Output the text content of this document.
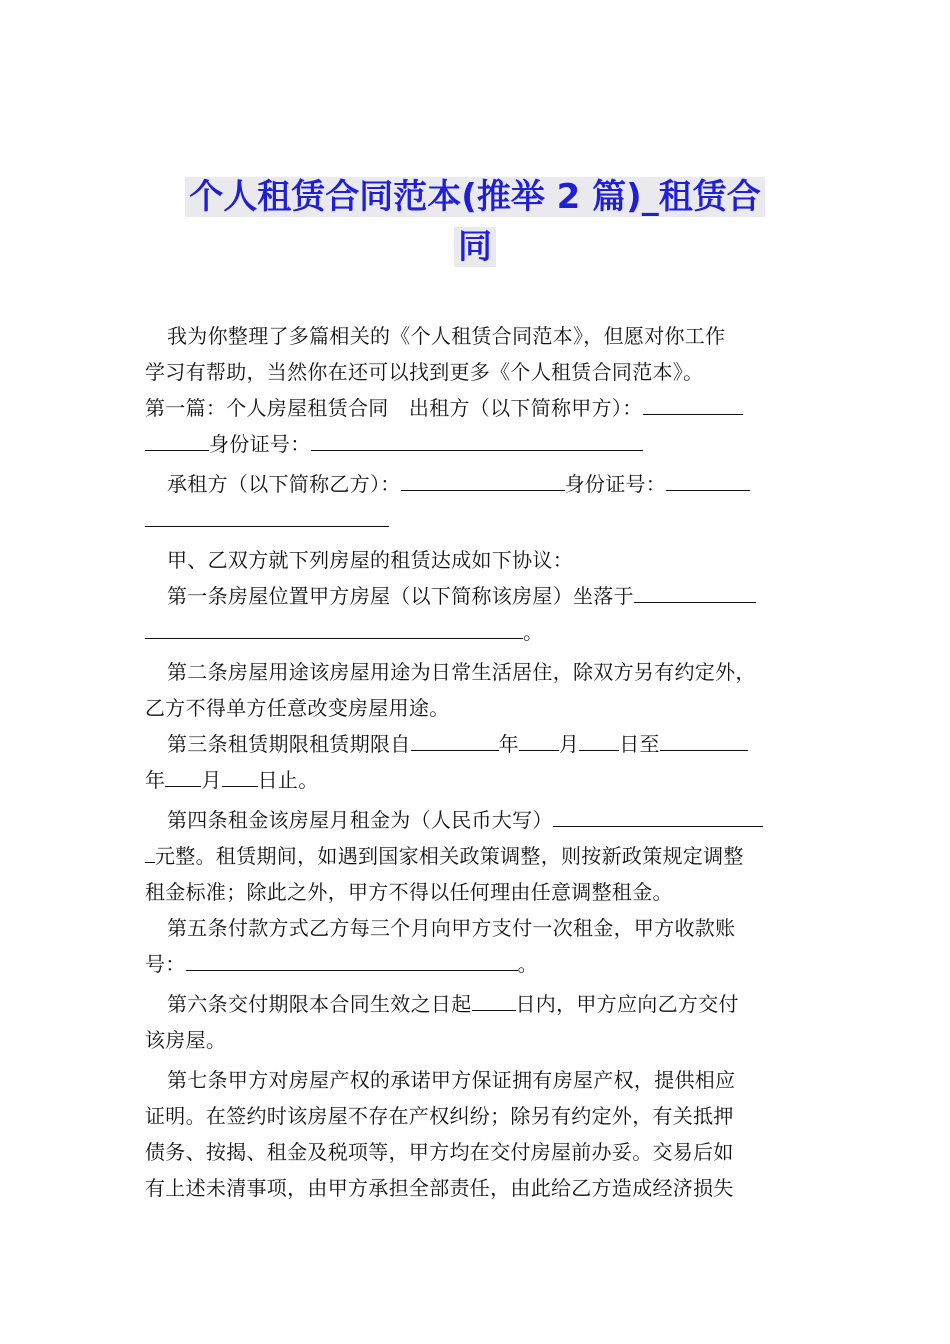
个人租赁合同范本(推举 2 篇)_租赁合
同
我为你整理了多篇相关的《个人租赁合同范本》，但愿对你工作
学习有帮助，当然你在还可以找到更多《个人租赁合同范本》。
第一篇：个人房屋租赁合同　出租方（以下简称甲方）：
身份证号：
承租方（以下简称乙方）：	身份证号：
甲、乙双方就下列房屋的租赁达成如下协议：
第一条房屋位置甲方房屋（以下简称该房屋）坐落于
。
第二条房屋用途该房屋用途为日常生活居住，除双方另有约定外，
乙方不得单方任意改变房屋用途。
第三条租赁期限租赁期限自	年 月 日至
年 月 日止。
第四条租金该房屋月租金为（人民币大写）
元整。租赁期间，如遇到国家相关政策调整，则按新政策规定调整
租金标准；除此之外，甲方不得以任何理由任意调整租金。
第五条付款方式乙方每三个月向甲方支付一次租金，甲方收款账
号：	。
第六条交付期限本合同生效之日起 日内，甲方应向乙方交付
该房屋。
第七条甲方对房屋产权的承诺甲方保证拥有房屋产权，提供相应
证明。在签约时该房屋不存在产权纠纷；除另有约定外，有关抵押
债务、按揭、租金及税项等，甲方均在交付房屋前办妥。交易后如
有上述未清事项，由甲方承担全部责任，由此给乙方造成经济损失
